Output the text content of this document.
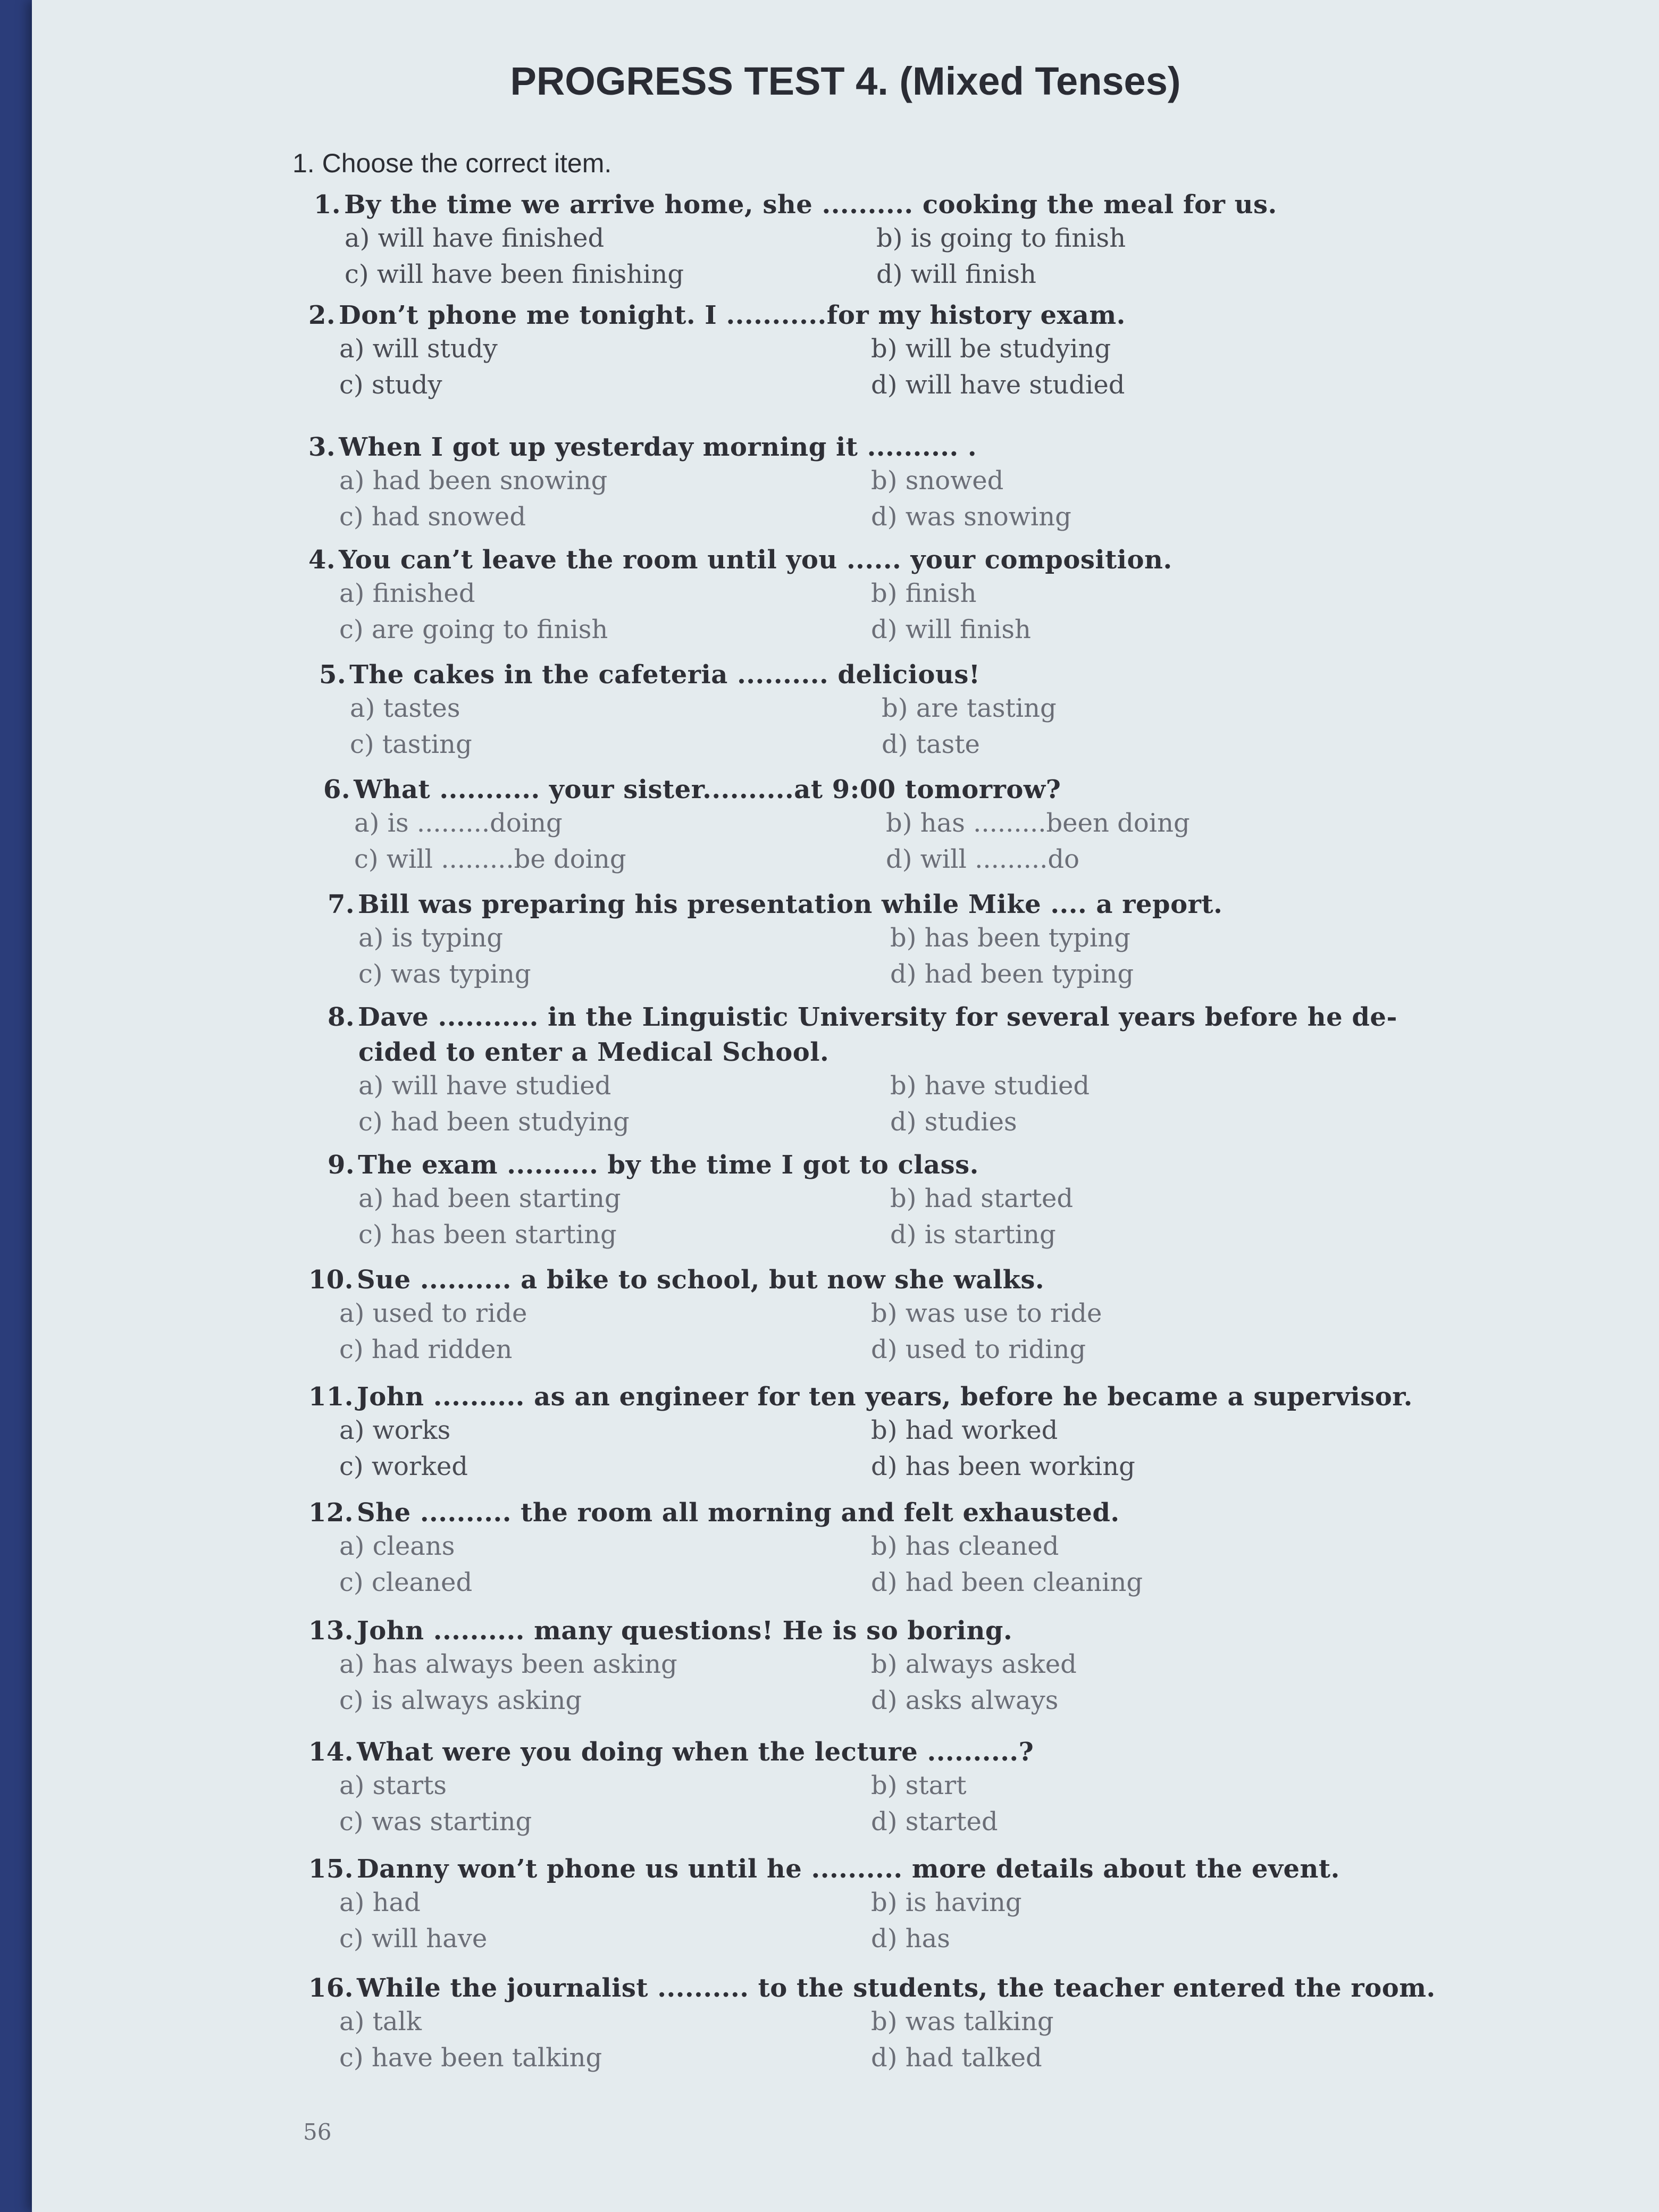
PROGRESS TEST 4. (Mixed Tenses)
1. Choose the correct item.
1. By the time we arrive home, she .......... cooking the meal for us.
a) will have finished	b) is going to finish
c) will have been finishing	d) will finish
2. Don’t phone me tonight. I ...........for my history exam.
a) will study	b) will be studying
c) study	d) will have studied
3. When I got up yesterday morning it .......... .
a) had been snowing	b) snowed
c) had snowed	d) was snowing
4. You can’t leave the room until you ...... your composition.
a) finished	b) finish
c) are going to finish	d) will finish
5. The cakes in the cafeteria .......... delicious!
a) tastes	b) are tasting
c) tasting	d) taste
6. What ........... your sister..........at 9:00 tomorrow?
a) is .........doing	b) has .........been doing
c) will .........be doing	d) will .........do
7. Bill was preparing his presentation while Mike .... a report.
a) is typing	b) has been typing
c) was typing	d) had been typing
8. Dave ........... in the Linguistic University for several years before he de-
cided to enter a Medical School.
a) will have studied	b) have studied
c) had been studying	d) studies
9. The exam .......... by the time I got to class.
a) had been starting	b) had started
c) has been starting	d) is starting
10. Sue .......... a bike to school, but now she walks.
a) used to ride	b) was use to ride
c) had ridden	d) used to riding
11. John .......... as an engineer for ten years, before he became a supervisor.
a) works	b) had worked
c) worked	d) has been working
12. She .......... the room all morning and felt exhausted.
a) cleans	b) has cleaned
c) cleaned	d) had been cleaning
13. John .......... many questions! He is so boring.
a) has always been asking	b) always asked
c) is always asking	d) asks always
14. What were you doing when the lecture ..........?
a) starts	b) start
c) was starting	d) started
15. Danny won’t phone us until he .......... more details about the event.
a) had	b) is having
c) will have	d) has
16. While the journalist .......... to the students, the teacher entered the room.
a) talk	b) was talking
c) have been talking	d) had talked
56
